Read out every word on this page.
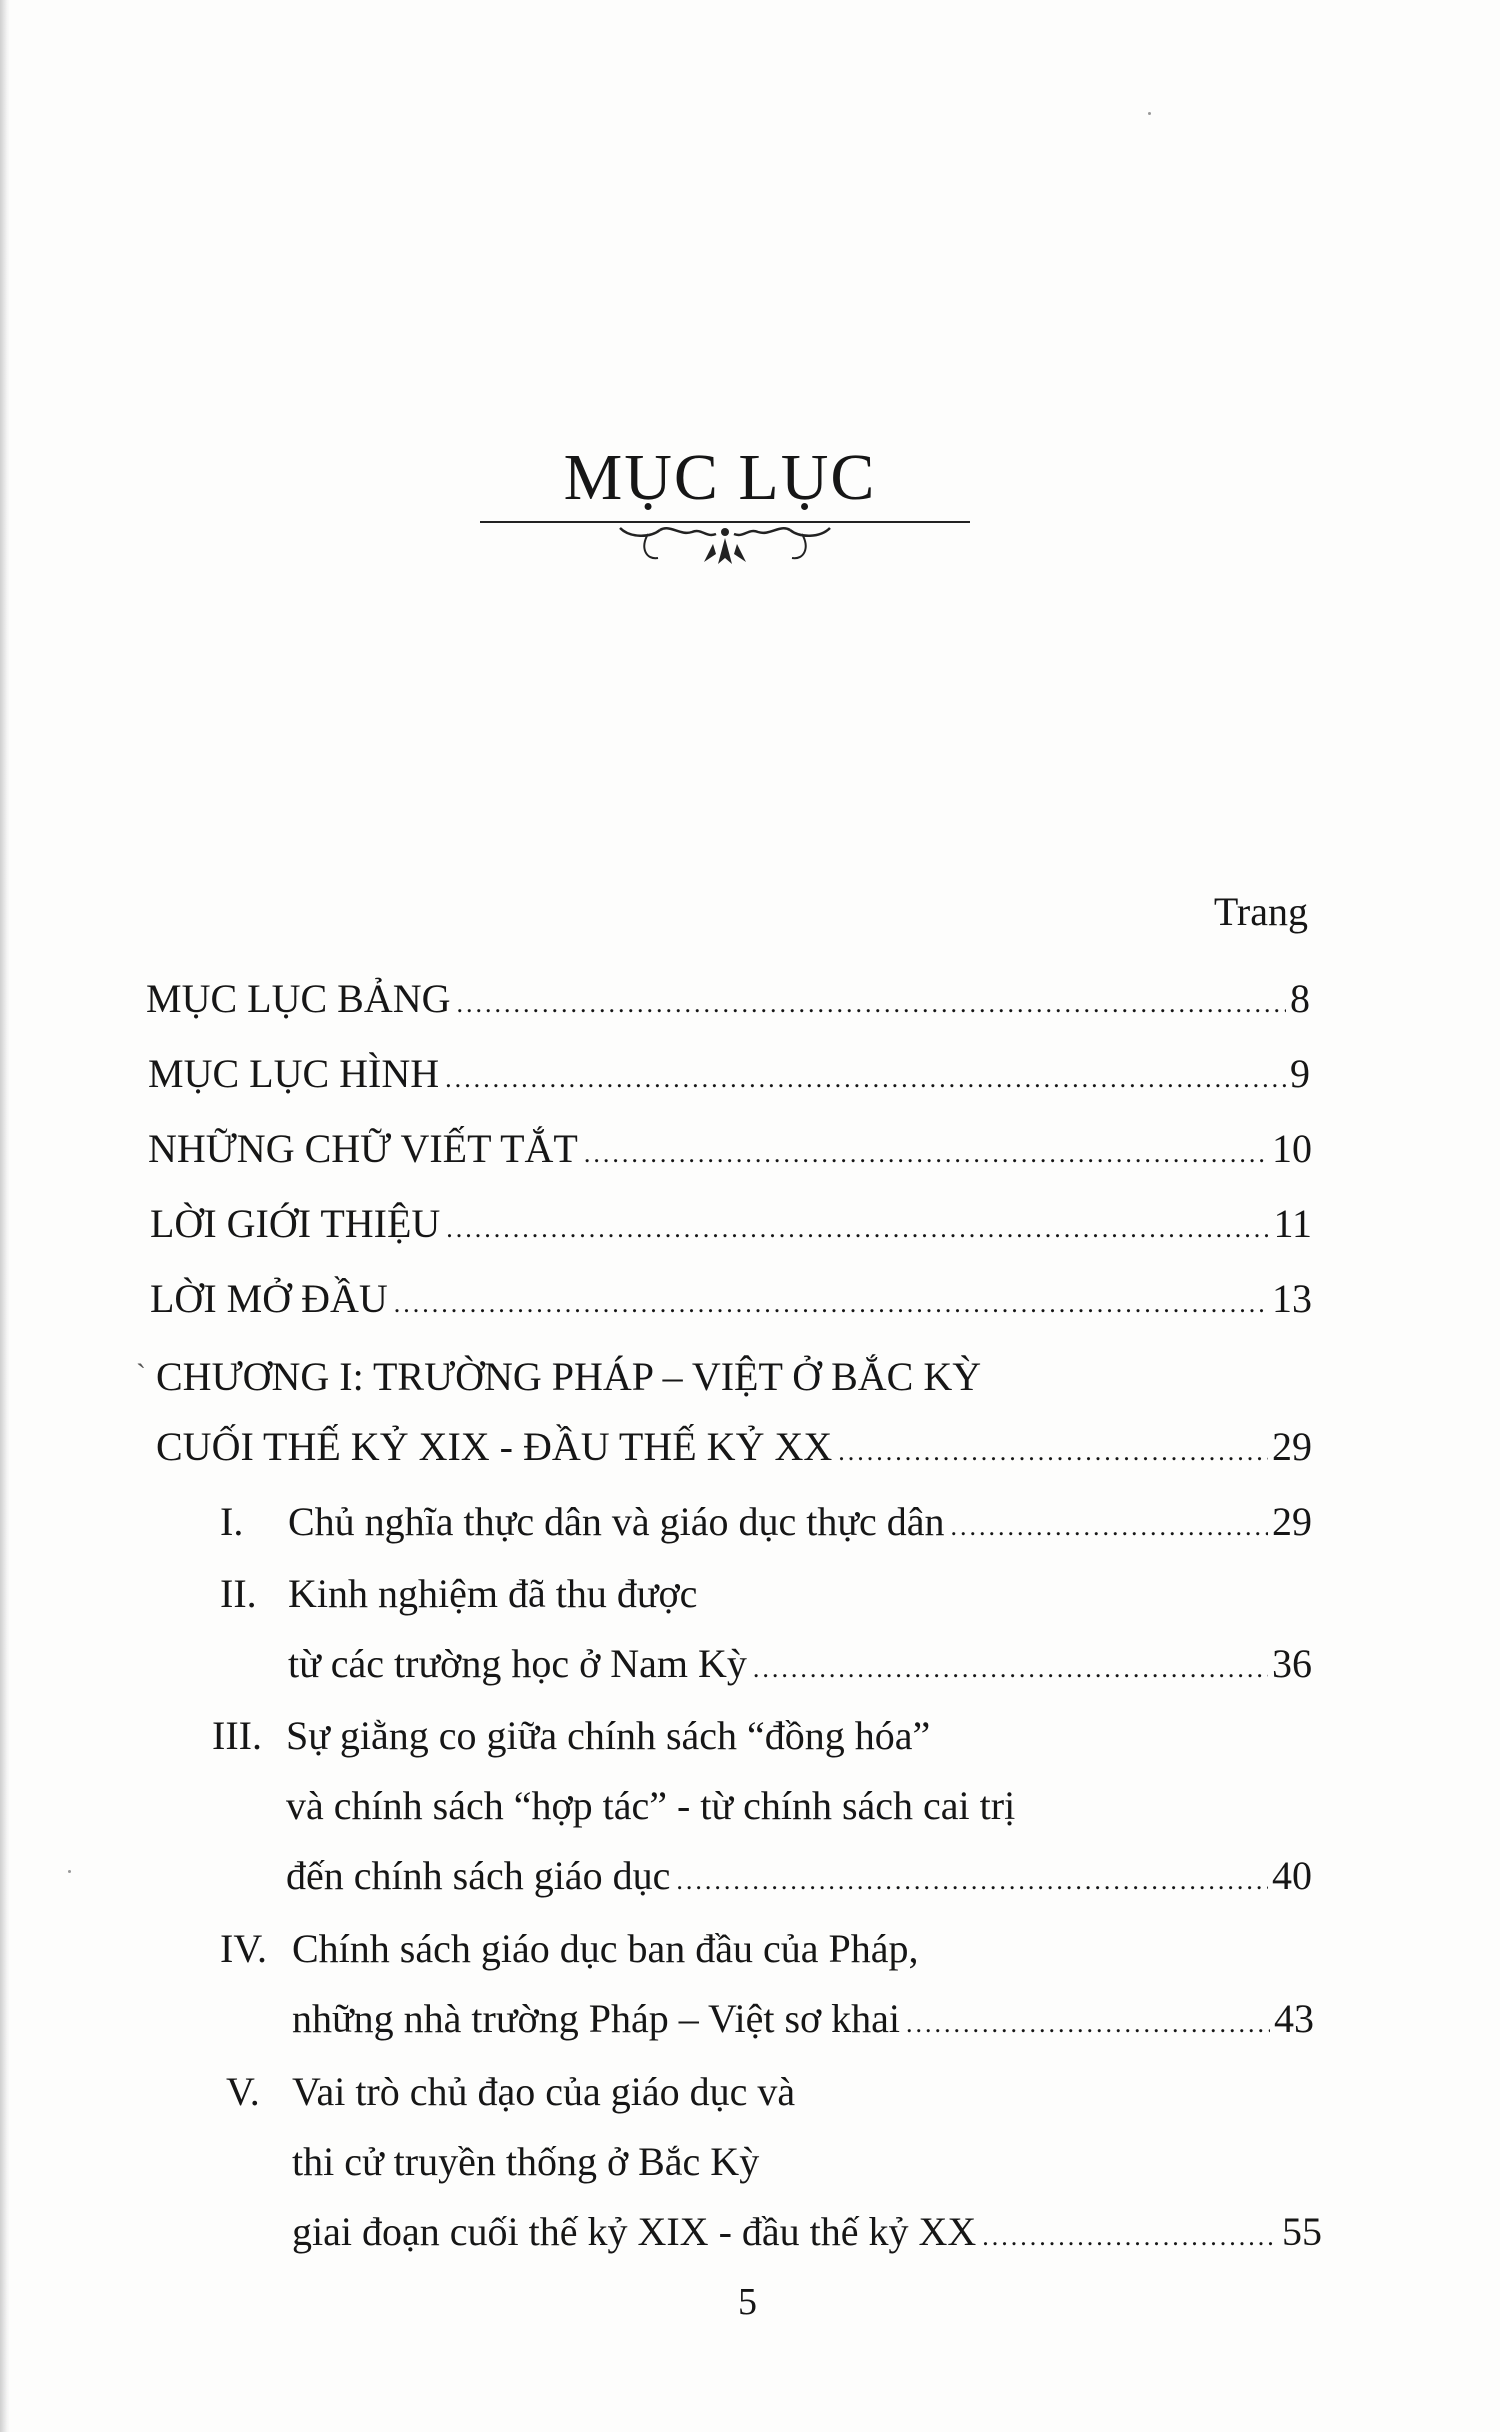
MỤC LỤC
Trang
MỤC LỤC BẢNG .....	8
MỤC LỤC HÌNH .....	9
NHỮNG CHỮ VIẾT TẮT .....	10
LỜI GIỚI THIỆU .....	11
LỜI MỞ ĐẦU .....	13
` CHƯƠNG I: TRƯỜNG PHÁP – VIỆT Ở BẮC KỲ
CUỐI THẾ KỶ XIX - ĐẦU THẾ KỶ XX .....	29
I. Chủ nghĩa thực dân và giáo dục thực dân .....	29
II. Kinh nghiệm đã thu được
từ các trường học ở Nam Kỳ .....	36
III. Sự giằng co giữa chính sách “đồng hóa”
và chính sách “hợp tác” - từ chính sách cai trị
đến chính sách giáo dục .....	40
IV. Chính sách giáo dục ban đầu của Pháp,
những nhà trường Pháp – Việt sơ khai .....	43
V. Vai trò chủ đạo của giáo dục và
thi cử truyền thống ở Bắc Kỳ
giai đoạn cuối thế kỷ XIX - đầu thế kỷ XX .....	55
5
